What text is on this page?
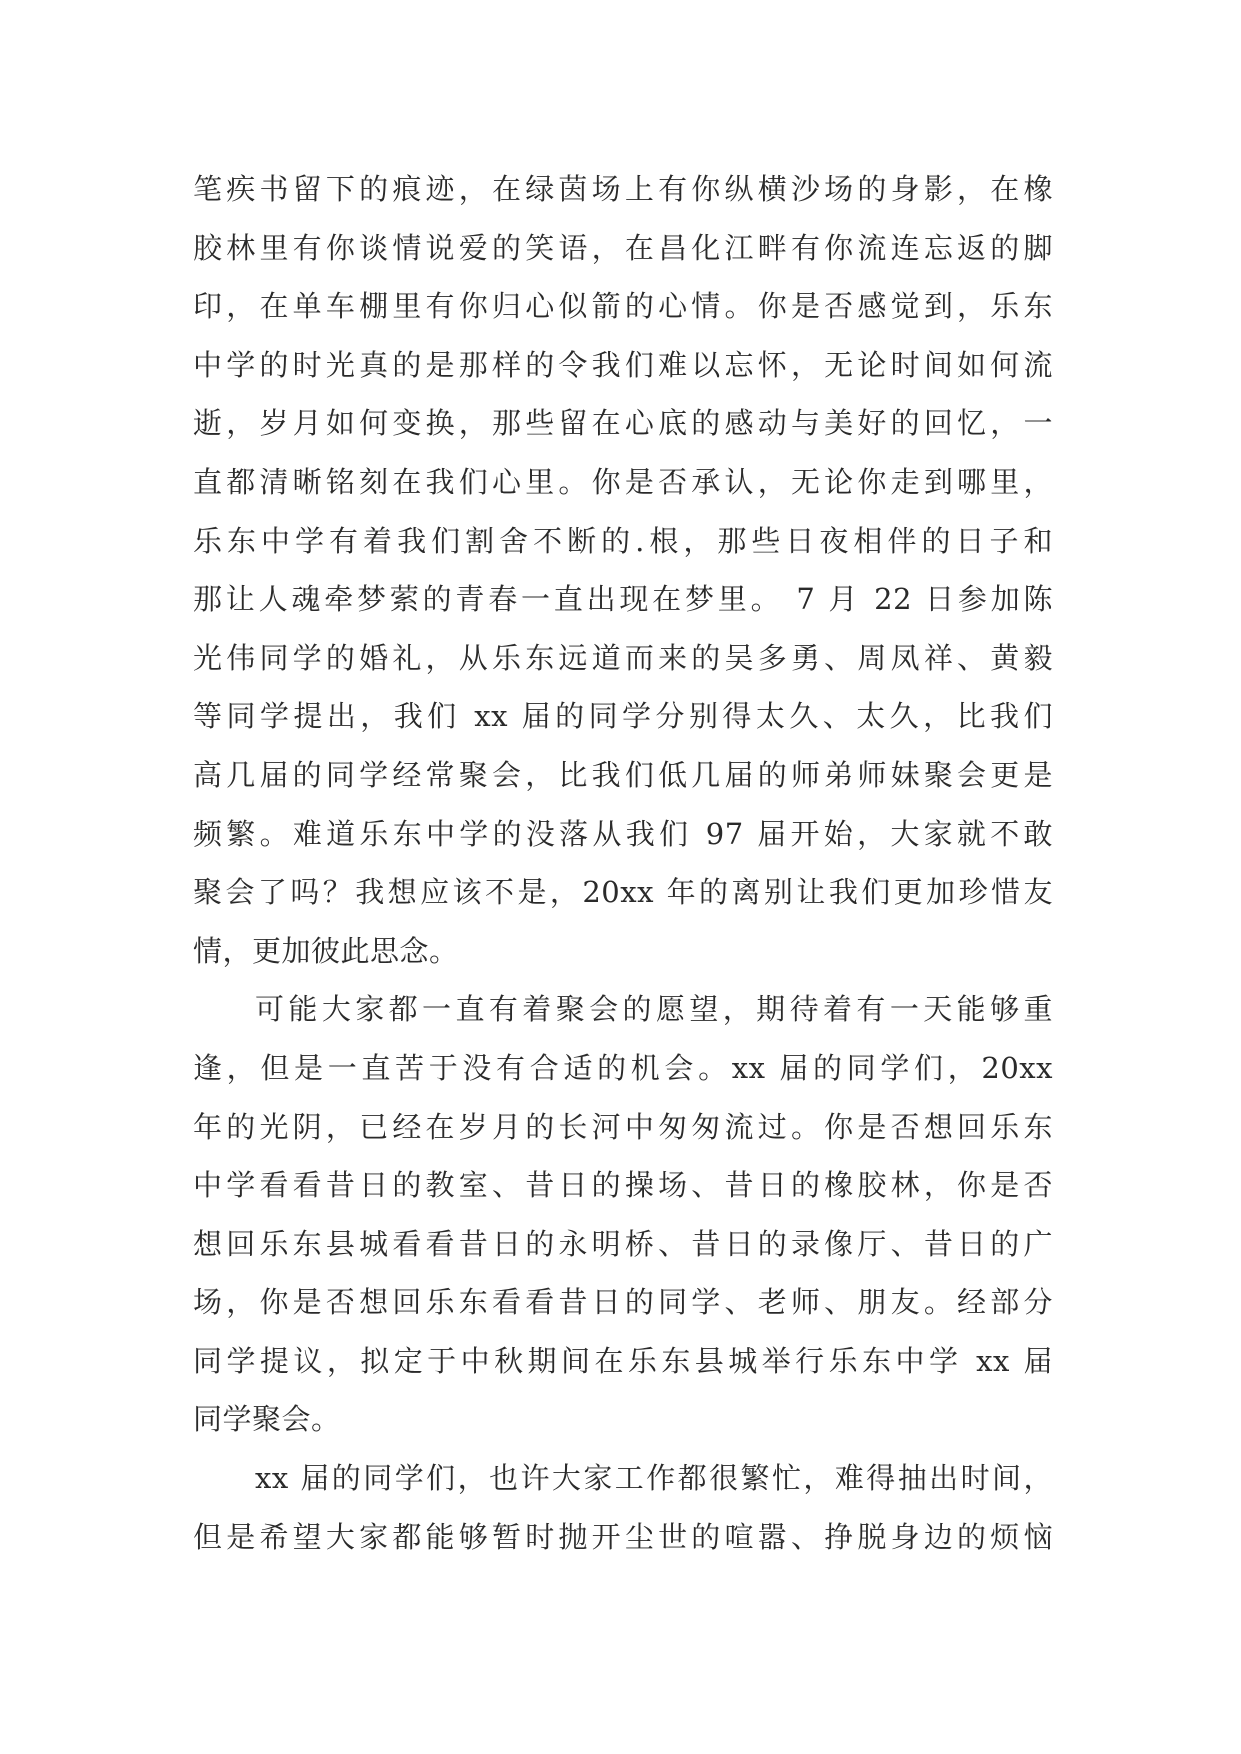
笔疾书留下的痕迹，在绿茵场上有你纵横沙场的身影，在橡
胶林里有你谈情说爱的笑语，在昌化江畔有你流连忘返的脚
印，在单车棚里有你归心似箭的心情。你是否感觉到，乐东
中学的时光真的是那样的令我们难以忘怀，无论时间如何流
逝，岁月如何变换，那些留在心底的感动与美好的回忆，一
直都清晰铭刻在我们心里。你是否承认，无论你走到哪里，
乐东中学有着我们割舍不断的.根，那些日夜相伴的日子和
那让人魂牵梦萦的青春一直出现在梦里。 7 月 22 日参加陈
光伟同学的婚礼，从乐东远道而来的吴多勇、周凤祥、黄毅
等同学提出，我们 xx 届的同学分别得太久、太久，比我们
高几届的同学经常聚会，比我们低几届的师弟师妹聚会更是
频繁。难道乐东中学的没落从我们 97 届开始，大家就不敢
聚会了吗？我想应该不是，20xx 年的离别让我们更加珍惜友
情，更加彼此思念。
可能大家都一直有着聚会的愿望，期待着有一天能够重
逢，但是一直苦于没有合适的机会。xx 届的同学们，20xx
年的光阴，已经在岁月的长河中匆匆流过。你是否想回乐东
中学看看昔日的教室、昔日的操场、昔日的橡胶林，你是否
想回乐东县城看看昔日的永明桥、昔日的录像厅、昔日的广
场，你是否想回乐东看看昔日的同学、老师、朋友。经部分
同学提议，拟定于中秋期间在乐东县城举行乐东中学 xx 届
同学聚会。
xx 届的同学们，也许大家工作都很繁忙，难得抽出时间，
但是希望大家都能够暂时抛开尘世的喧嚣、挣脱身边的烦恼
